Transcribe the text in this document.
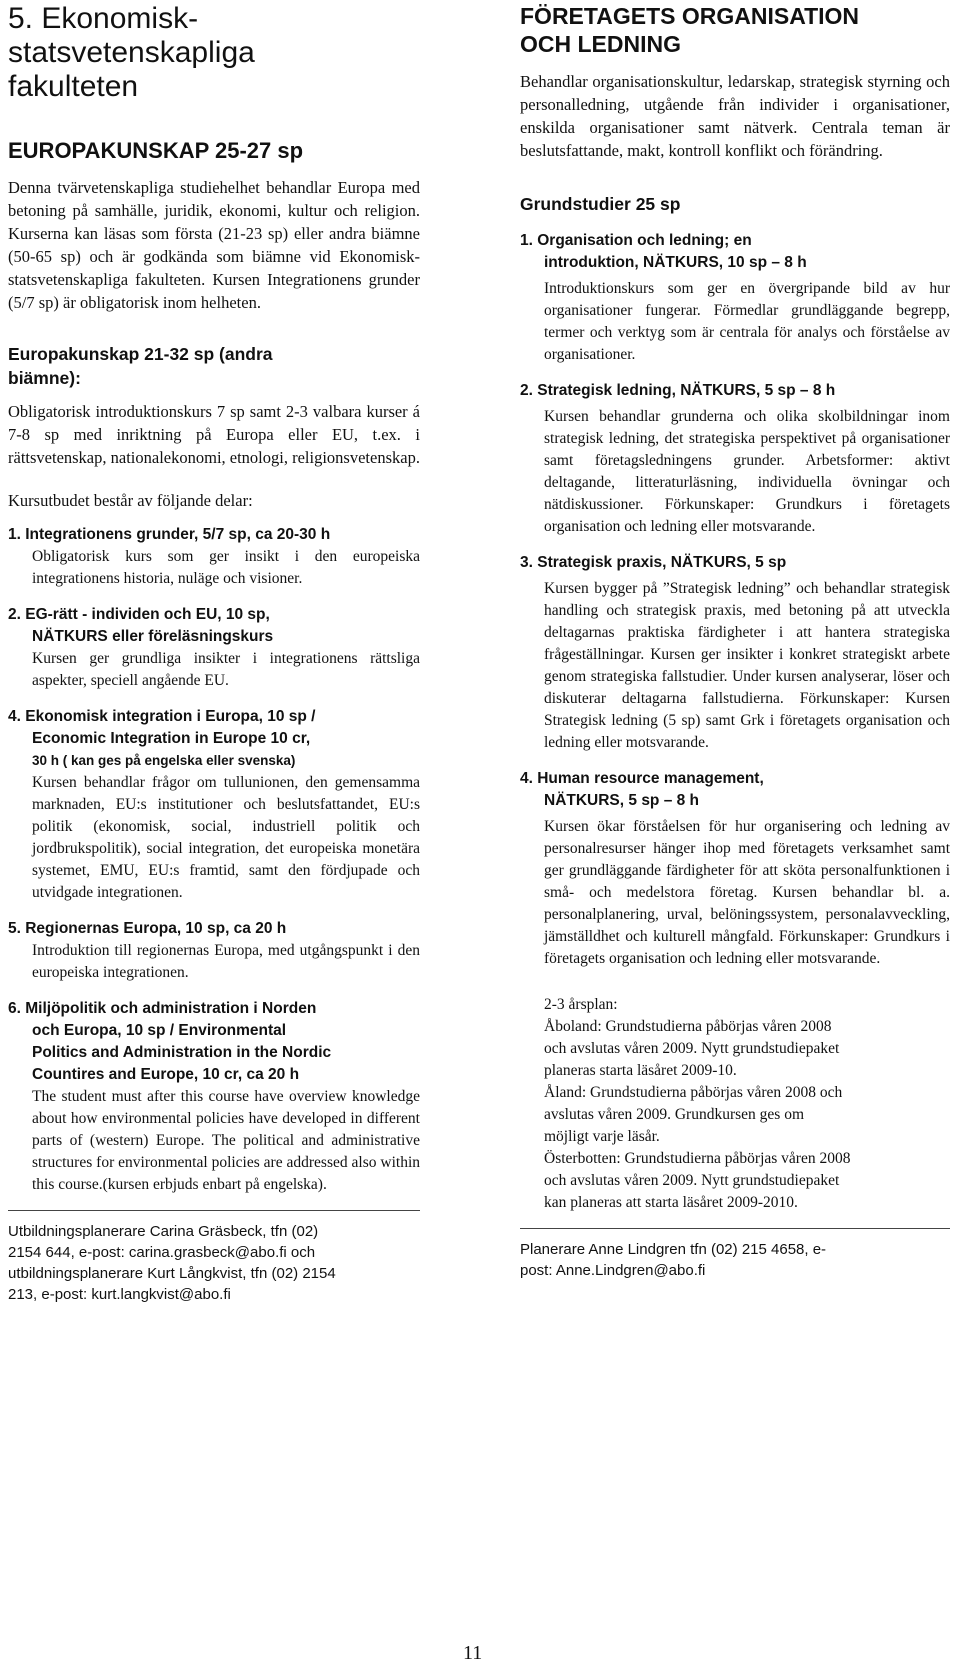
5. Ekonomisk-
statsvetenskapliga
fakulteten
EUROPAKUNSKAP 25-27 sp

Denna tvärvetenskapliga studiehelhet behandlar Europa med betoning på samhälle, juridik, ekonomi, kultur och religion. Kurserna kan läsas som första (21-23 sp) eller andra biämne (50-65 sp) och är godkända som biämne vid Ekonomisk-statsvetenskapliga fakulteten. Kursen Integrationens grunder (5/7 sp) är obligatorisk inom helheten.

Europakunskap 21-32 sp (andra
biämne):

Obligatorisk introduktionskurs 7 sp samt 2-3 valbara kurser á 7-8 sp med inriktning på Europa eller EU, t.ex. i rättsvetenskap, nationalekonomi, etnologi, religionsvetenskap.

Kursutbudet består av följande delar:

1. Integrationens grunder, 5/7 sp, ca 20-30 h

Obligatorisk kurs som ger insikt i den europeiska integrationens historia, nuläge och visioner.

2. EG-rätt - individen och EU, 10 sp,
NÄTKURS eller föreläsningskurs

Kursen ger grundliga insikter i integrationens rättsliga aspekter, speciell angående EU.

4. Ekonomisk integration i Europa, 10 sp /
Economic Integration in Europe 10 cr,
30 h ( kan ges på engelska eller svenska)

Kursen behandlar frågor om tullunionen, den gemensamma marknaden, EU:s institutioner och beslutsfattandet, EU:s politik (ekonomisk, social, industriell politik och jordbrukspolitik), social integration, det europeiska monetära systemet, EMU, EU:s framtid, samt den fördjupade och utvidgade integrationen.

5. Regionernas Europa, 10 sp, ca 20 h

Introduktion till regionernas Europa, med utgångspunkt i den europeiska integrationen.

6. Miljöpolitik och administration i Norden
och Europa, 10 sp / Environmental
Politics and Administration in the Nordic
Countires and Europe, 10 cr, ca 20 h

The student must after this course have overview knowledge about how environmental policies have developed in different parts of (western) Europe. The political and administrative structures for environmental policies are addressed also within this course.(kursen erbjuds enbart på engelska).

Utbildningsplanerare Carina Gräsbeck, tfn (02)

2154 644, e-post: carina.grasbeck@abo.fi och

utbildningsplanerare Kurt Långkvist, tfn (02) 2154

213, e-post: kurt.langkvist@abo.fi

FÖRETAGETS ORGANISATION
OCH LEDNING

Behandlar organisationskultur, ledarskap, strategisk styrning och personalledning, utgående från individer i organisationer, enskilda organisationer samt nätverk. Centrala teman är beslutsfattande, makt, kontroll konflikt och förändring.

Grundstudier 25 sp

1. Organisation och ledning; en
introduktion, NÄTKURS, 10 sp – 8 h

Introduktionskurs som ger en övergripande bild av hur organisationer fungerar. Förmedlar grundläggande begrepp, termer och verktyg som är centrala för analys och förståelse av organisationer.

2. Strategisk ledning, NÄTKURS, 5 sp – 8 h

Kursen behandlar grunderna och olika skolbildningar inom strategisk ledning, det strategiska perspektivet på organisationer samt företagsledningens grunder. Arbetsformer: aktivt deltagande, litteraturläsning, individuella övningar och nätdiskussioner. Förkunskaper: Grundkurs i företagets organisation och ledning eller motsvarande.

3. Strategisk praxis, NÄTKURS, 5 sp

Kursen bygger på ”Strategisk ledning” och behandlar strategisk handling och strategisk praxis, med betoning på att utveckla deltagarnas praktiska färdigheter i att hantera strategiska frågeställningar. Kursen ger insikter i konkret strategiskt arbete genom strategiska fallstudier. Under kursen analyserar, löser och diskuterar deltagarna fallstudierna. Förkunskaper: Kursen Strategisk ledning (5 sp) samt Grk i företagets organisation och ledning eller motsvarande.

4. Human resource management,
NÄTKURS, 5 sp – 8 h

Kursen ökar förståelsen för hur organisering och ledning av personalresurser hänger ihop med företagets verksamhet samt ger grundläggande färdigheter för att sköta personalfunktionen i små- och medelstora företag. Kursen behandlar bl. a. personalplanering, urval, belöningssystem, personalavveckling, jämställdhet och kulturell mångfald. Förkunskaper: Grundkurs i företagets organisation och ledning eller motsvarande.

2-3 årsplan:

Åboland: Grundstudierna påbörjas våren 2008

och avslutas våren 2009. Nytt grundstudiepaket

planeras starta läsåret 2009-10.

Åland: Grundstudierna påbörjas våren 2008 och

avslutas våren 2009. Grundkursen ges om

möjligt varje läsår.

Österbotten: Grundstudierna påbörjas våren 2008

och avslutas våren 2009. Nytt grundstudiepaket

kan planeras att starta läsåret 2009-2010.

Planerare Anne Lindgren tfn (02) 215 4658, e-

post: Anne.Lindgren@abo.fi

11
